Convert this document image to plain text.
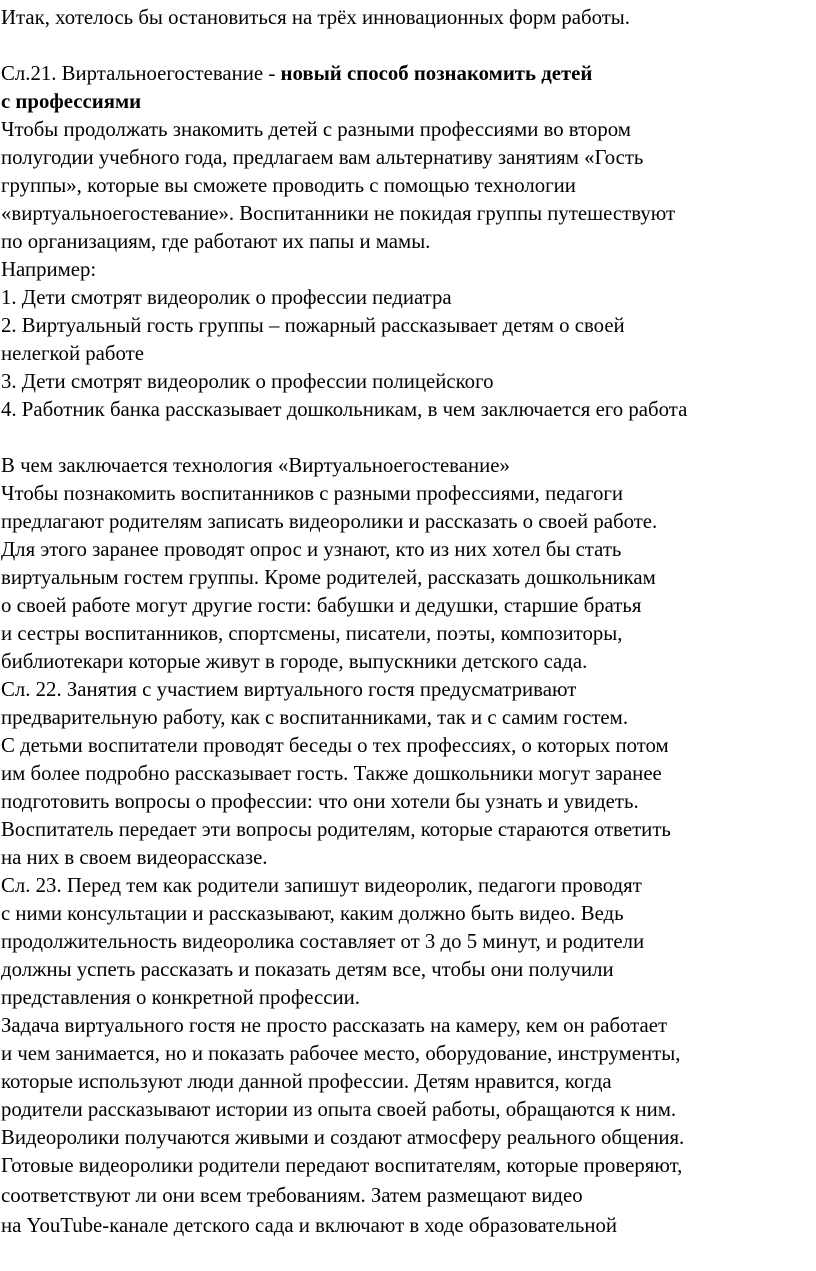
Итак, хотелось бы остановиться на трёх инновационных форм работы.
Сл.21. Виртальноегостевание - новый способ познакомить детей
с профессиями
Чтобы продолжать знакомить детей с разными профессиями во втором
полугодии учебного года, предлагаем вам альтернативу занятиям «Гость
группы», которые вы сможете проводить с помощью технологии
«виртуальноегостевание». Воспитанники не покидая группы путешествуют
по организациям, где работают их папы и мамы.
Например:
1. Дети смотрят видеоролик о профессии педиатра
2. Виртуальный гость группы – пожарный рассказывает детям о своей
нелегкой работе
3. Дети смотрят видеоролик о профессии полицейского
4. Работник банка рассказывает дошкольникам, в чем заключается его работа
В чем заключается технология «Виртуальноегостевание»
Чтобы познакомить воспитанников с разными профессиями, педагоги
предлагают родителям записать видеоролики и рассказать о своей работе.
Для этого заранее проводят опрос и узнают, кто из них хотел бы стать
виртуальным гостем группы. Кроме родителей, рассказать дошкольникам
о своей работе могут другие гости: бабушки и дедушки, старшие братья
и сестры воспитанников, спортсмены, писатели, поэты, композиторы,
библиотекари которые живут в городе, выпускники детского сада.
Сл. 22. Занятия с участием виртуального гостя предусматривают
предварительную работу, как с воспитанниками, так и с самим гостем.
С детьми воспитатели проводят беседы о тех профессиях, о которых потом
им более подробно рассказывает гость. Также дошкольники могут заранее
подготовить вопросы о профессии: что они хотели бы узнать и увидеть.
Воспитатель передает эти вопросы родителям, которые стараются ответить
на них в своем видеорассказе.
Сл. 23. Перед тем как родители запишут видеоролик, педагоги проводят
с ними консультации и рассказывают, каким должно быть видео. Ведь
продолжительность видеоролика составляет от 3 до 5 минут, и родители
должны успеть рассказать и показать детям все, чтобы они получили
представления о конкретной профессии.
Задача виртуального гостя не просто рассказать на камеру, кем он работает
и чем занимается, но и показать рабочее место, оборудование, инструменты,
которые используют люди данной профессии. Детям нравится, когда
родители рассказывают истории из опыта своей работы, обращаются к ним.
Видеоролики получаются живыми и создают атмосферу реального общения.
Готовые видеоролики родители передают воспитателям, которые проверяют,
соответствуют ли они всем требованиям. Затем размещают видео
на YouTube-канале детского сада и включают в ходе образовательной
